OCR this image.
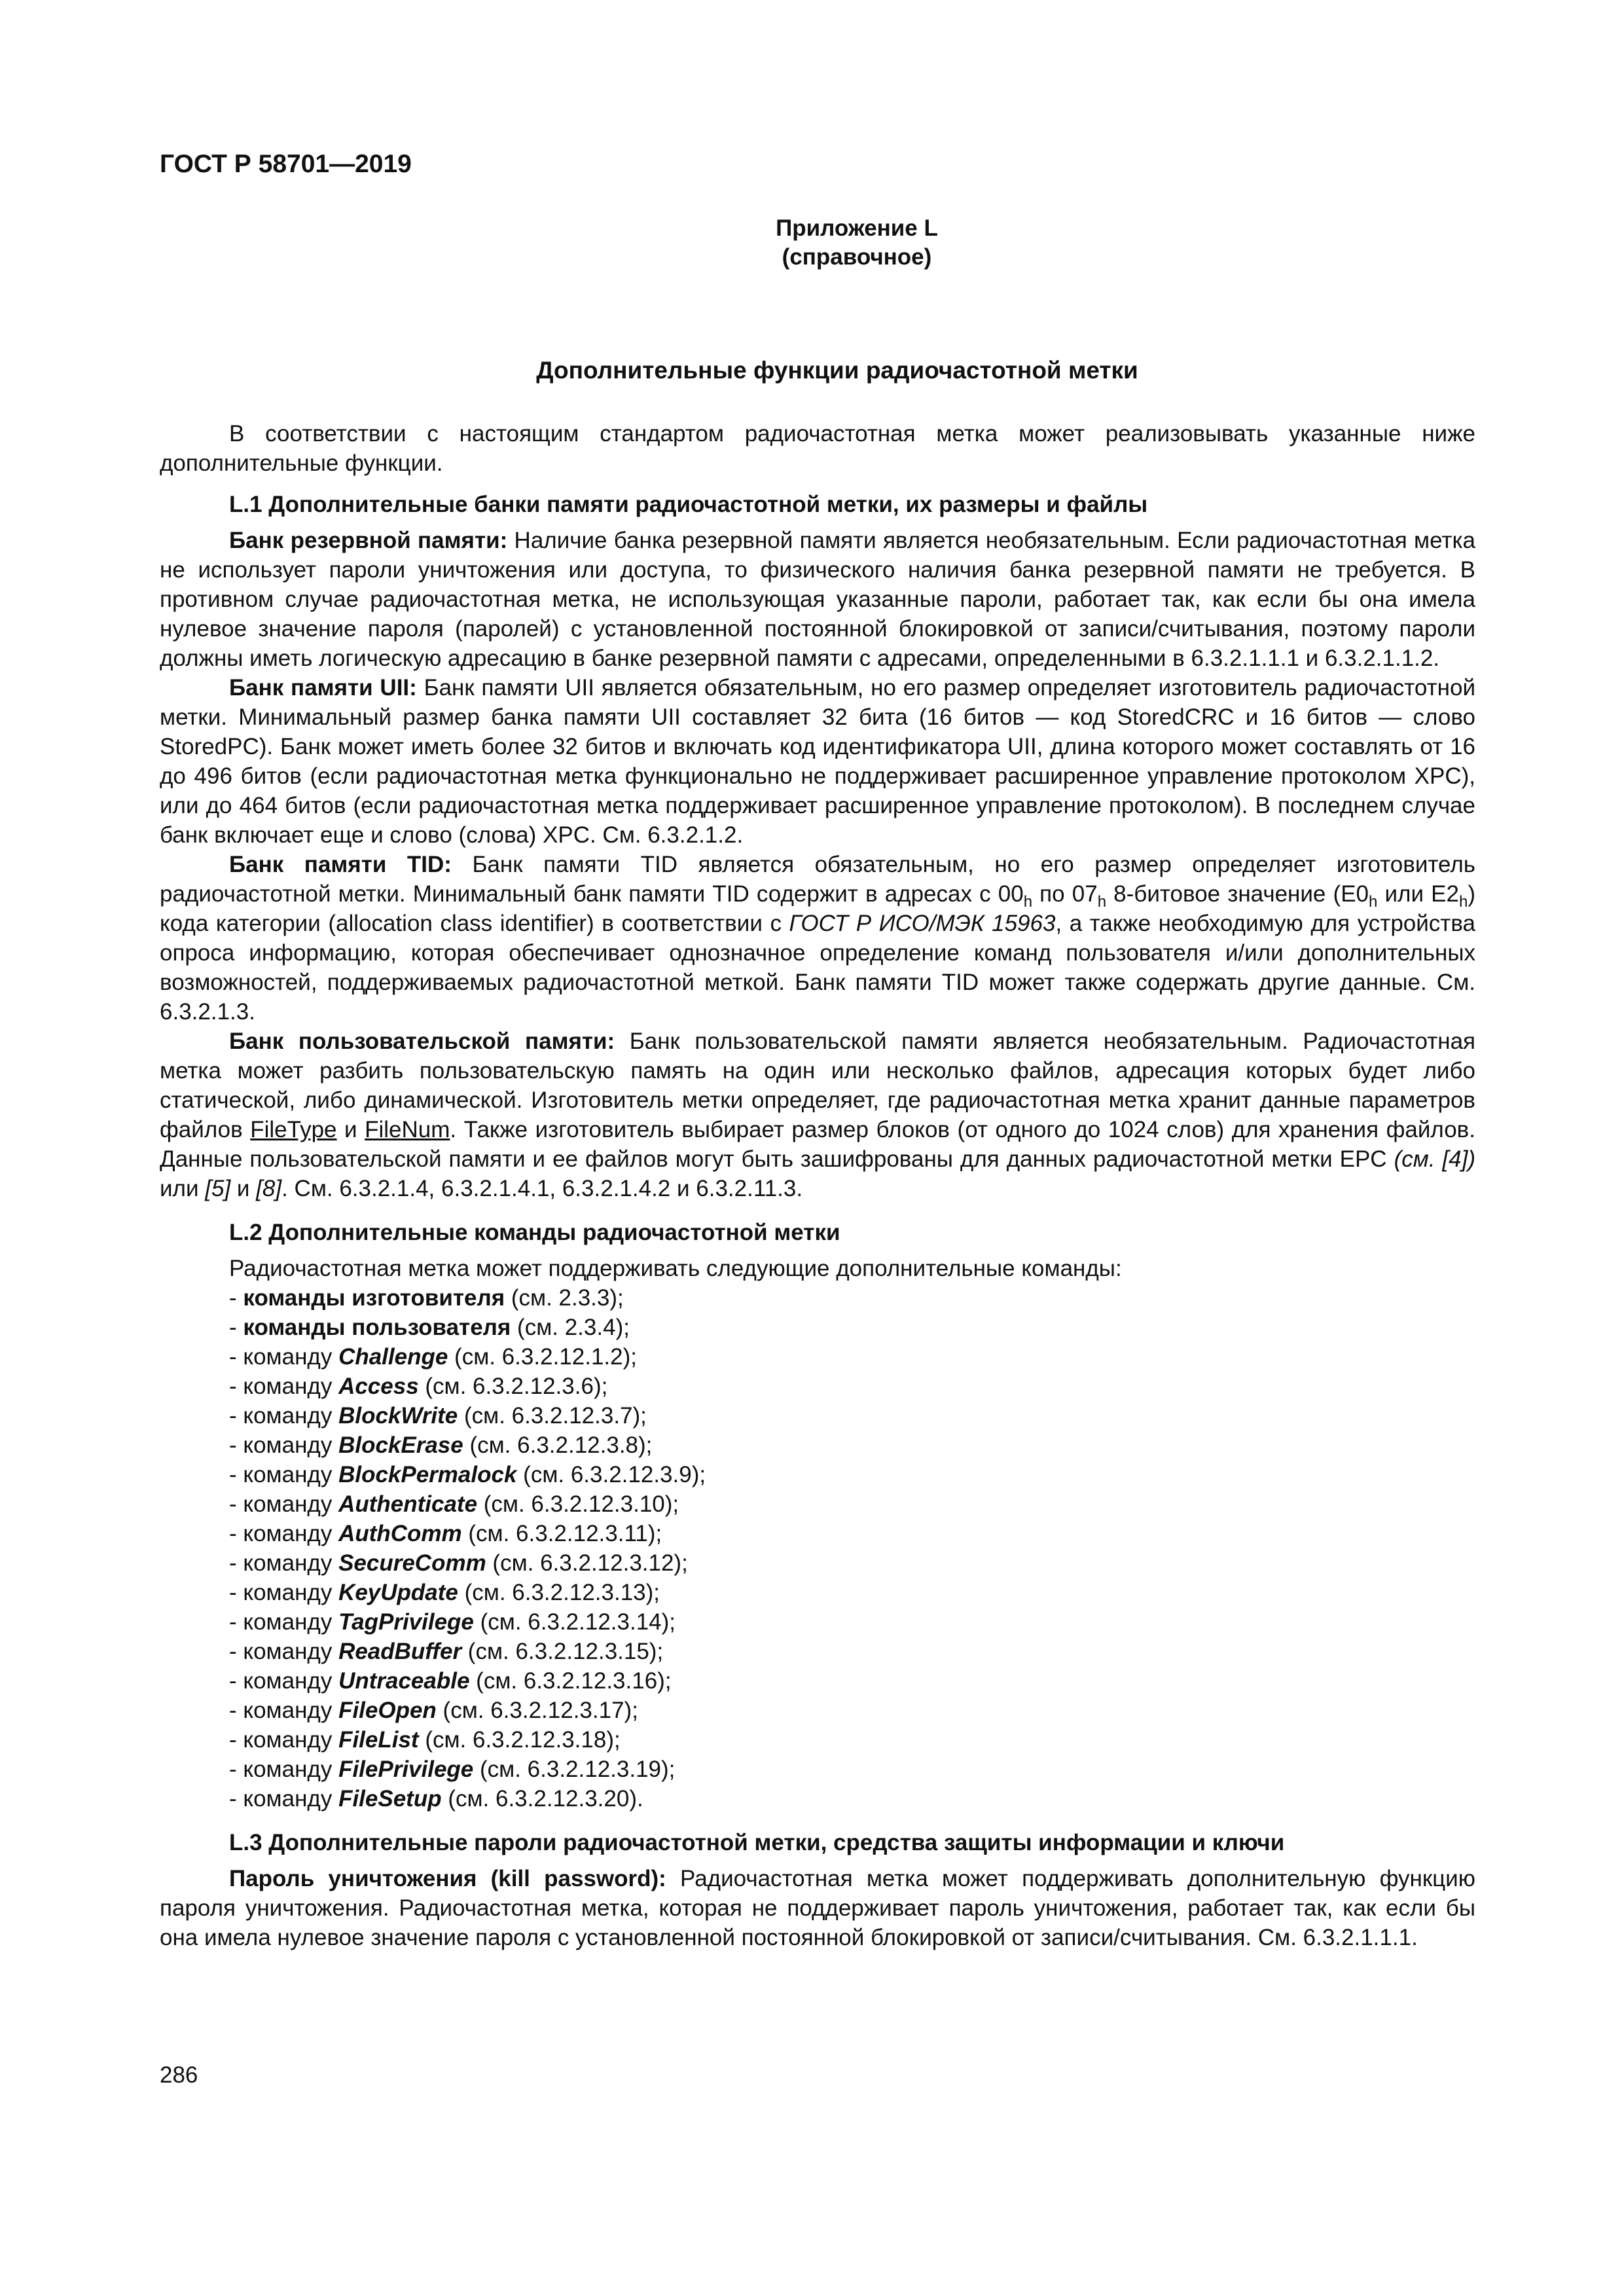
ГОСТ Р 58701—2019
Приложение L
(справочное)
Дополнительные функции радиочастотной метки

В соответствии с настоящим стандартом радиочастотная метка может реализовывать указанные ниже дополнительные функции.

L.1 Дополнительные банки памяти радиочастотной метки, их размеры и файлы

Банк резервной памяти: Наличие банка резервной памяти является необязательным. Если радиочастотная метка не использует пароли уничтожения или доступа, то физического наличия банка резервной памяти не требуется. В противном случае радиочастотная метка, не использующая указанные пароли, работает так, как если бы она имела нулевое значение пароля (паролей) с установленной постоянной блокировкой от записи/считывания, поэтому пароли должны иметь логическую адресацию в банке резервной памяти с адресами, определенными в 6.3.2.1.1.1 и 6.3.2.1.1.2.

Банк памяти UII: Банк памяти UII является обязательным, но его размер определяет изготовитель радиочастотной метки. Минимальный размер банка памяти UII составляет 32 бита (16 битов — код StoredCRC и 16 битов — слово StoredPC). Банк может иметь более 32 битов и включать код идентификатора UII, длина которого может составлять от 16 до 496 битов (если радиочастотная метка функционально не поддерживает расширенное управление протоколом XPC), или до 464 битов (если радиочастотная метка поддерживает расширенное управление протоколом). В последнем случае банк включает еще и слово (слова) XPC. См. 6.3.2.1.2.

Банк памяти TID: Банк памяти TID является обязательным, но его размер определяет изготовитель радиочастотной метки. Минимальный банк памяти TID содержит в адресах с $00_h$ по $07_h$ 8-битовое значение ($E0_h$ или $E2_h$) кода категории (allocation class identifier) в соответствии с ГОСТ Р ИСО/МЭК 15963, а также необходимую для устройства опроса информацию, которая обеспечивает однозначное определение команд пользователя и/или дополнительных возможностей, поддерживаемых радиочастотной меткой. Банк памяти TID может также содержать другие данные. См. 6.3.2.1.3.

Банк пользовательской памяти: Банк пользовательской памяти является необязательным. Радиочастотная метка может разбить пользовательскую память на один или несколько файлов, адресация которых будет либо статической, либо динамической. Изготовитель метки определяет, где радиочастотная метка хранит данные параметров файлов FileType и FileNum. Также изготовитель выбирает размер блоков (от одного до 1024 слов) для хранения файлов. Данные пользовательской памяти и ее файлов могут быть зашифрованы для данных радиочастотной метки EPC (см. [4]) или [5] и [8]. См. 6.3.2.1.4, 6.3.2.1.4.1, 6.3.2.1.4.2 и 6.3.2.11.3.

L.2 Дополнительные команды радиочастотной метки
Радиочастотная метка может поддерживать следующие дополнительные команды:
- команды изготовителя (см. 2.3.3);
- команды пользователя (см. 2.3.4);
- команду Challenge (см. 6.3.2.12.1.2);
- команду Access (см. 6.3.2.12.3.6);
- команду BlockWrite (см. 6.3.2.12.3.7);
- команду BlockErase (см. 6.3.2.12.3.8);
- команду BlockPermalock (см. 6.3.2.12.3.9);
- команду Authenticate (см. 6.3.2.12.3.10);
- команду AuthComm (см. 6.3.2.12.3.11);
- команду SecureComm (см. 6.3.2.12.3.12);
- команду KeyUpdate (см. 6.3.2.12.3.13);
- команду TagPrivilege (см. 6.3.2.12.3.14);
- команду ReadBuffer (см. 6.3.2.12.3.15);
- команду Untraceable (см. 6.3.2.12.3.16);
- команду FileOpen (см. 6.3.2.12.3.17);
- команду FileList (см. 6.3.2.12.3.18);
- команду FilePrivilege (см. 6.3.2.12.3.19);
- команду FileSetup (см. 6.3.2.12.3.20).
L.3 Дополнительные пароли радиочастотной метки, средства защиты информации и ключи

Пароль уничтожения (kill password): Радиочастотная метка может поддерживать дополнительную функцию пароля уничтожения. Радиочастотная метка, которая не поддерживает пароль уничтожения, работает так, как если бы она имела нулевое значение пароля с установленной постоянной блокировкой от записи/считывания. См. 6.3.2.1.1.1.

286
